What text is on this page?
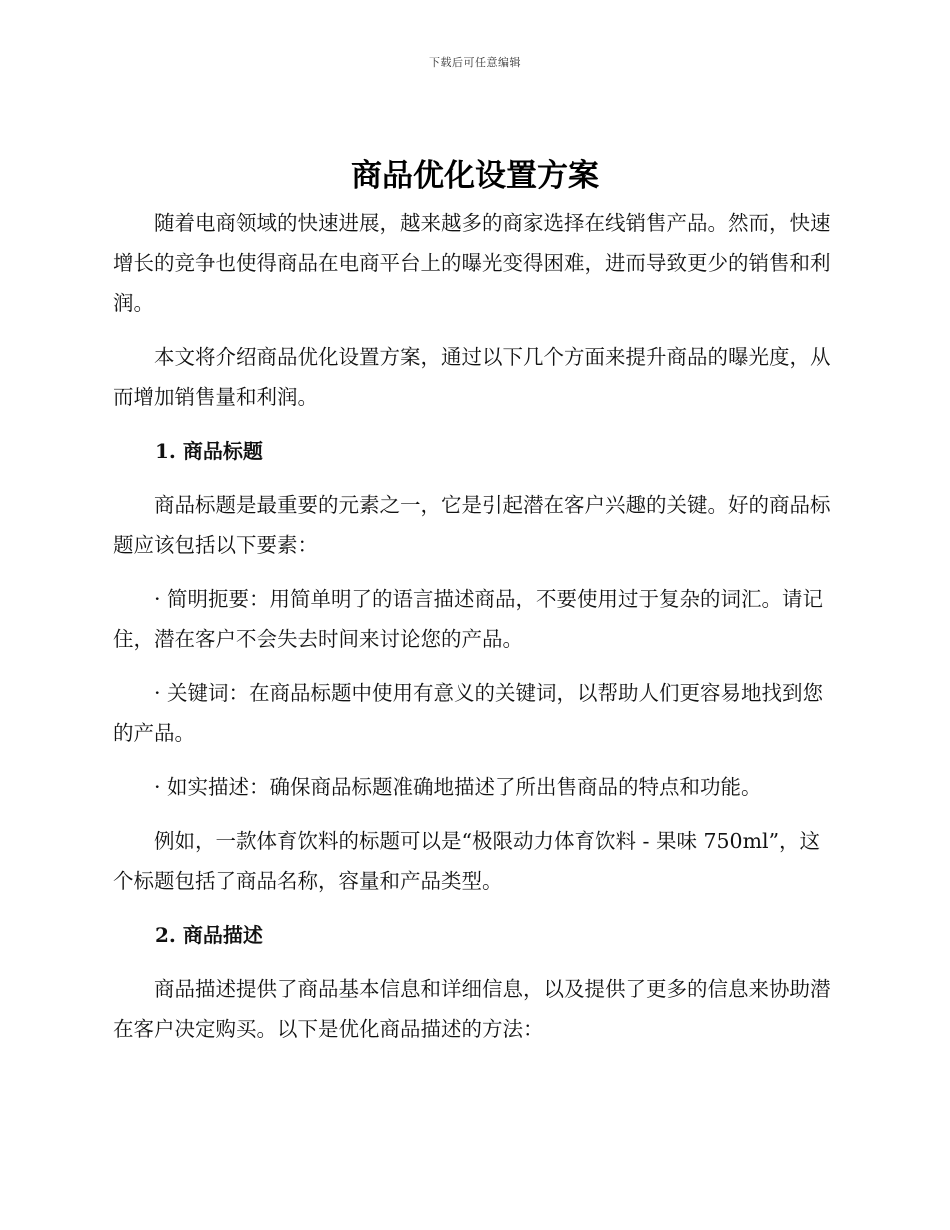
下载后可任意编辑
商品优化设置方案

随着电商领域的快速进展，越来越多的商家选择在线销售产品。然而，快速增长的竞争也使得商品在电商平台上的曝光变得困难，进而导致更少的销售和利润。

本文将介绍商品优化设置方案，通过以下几个方面来提升商品的曝光度，从而增加销售量和利润。

1. 商品标题

商品标题是最重要的元素之一，它是引起潜在客户兴趣的关键。好的商品标题应该包括以下要素：

· 简明扼要：用简单明了的语言描述商品，不要使用过于复杂的词汇。请记住，潜在客户不会失去时间来讨论您的产品。

· 关键词：在商品标题中使用有意义的关键词，以帮助人们更容易地找到您的产品。

· 如实描述：确保商品标题准确地描述了所出售商品的特点和功能。

例如，一款体育饮料的标题可以是“极限动力体育饮料 - 果味 750ml”，这个标题包括了商品名称，容量和产品类型。

2. 商品描述

商品描述提供了商品基本信息和详细信息，以及提供了更多的信息来协助潜在客户决定购买。以下是优化商品描述的方法：
